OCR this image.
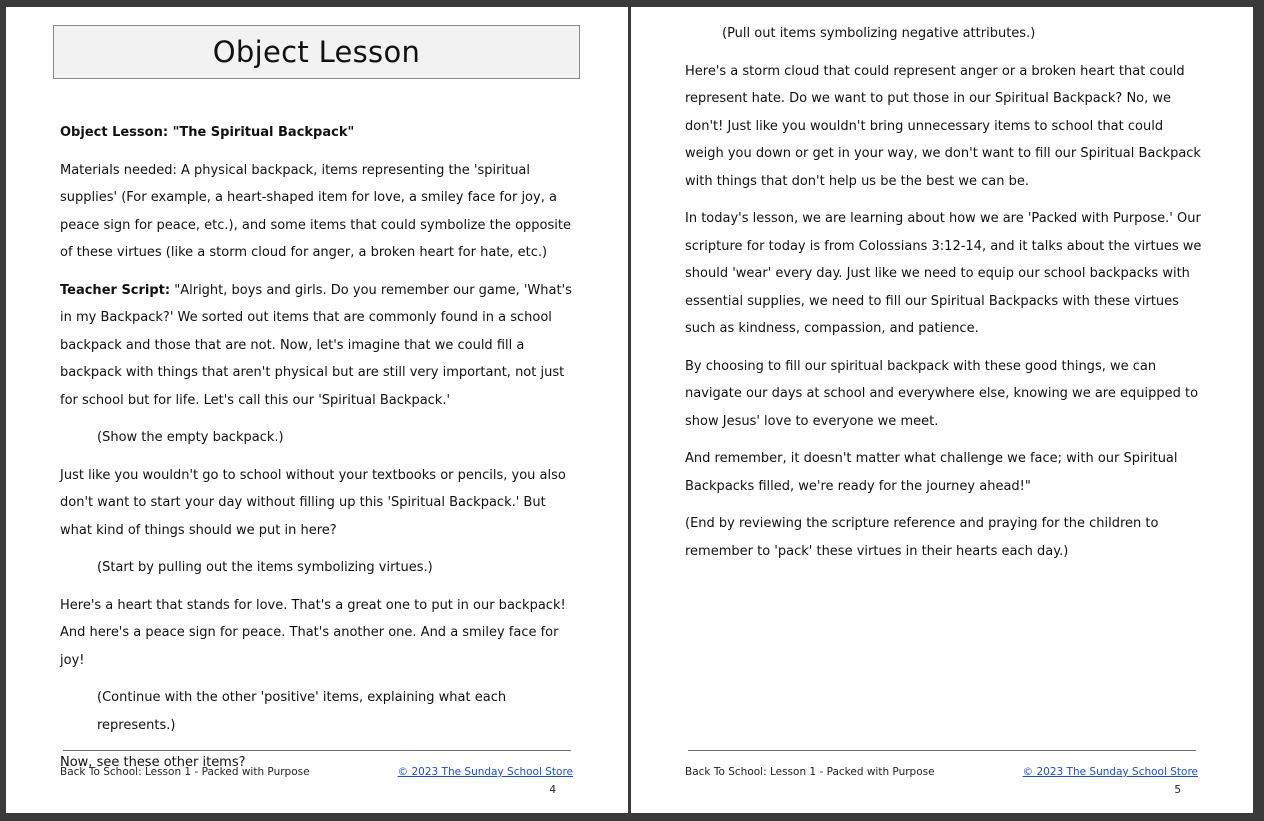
Object Lesson

Object Lesson: "The Spiritual Backpack"

Materials needed: A physical backpack, items representing the 'spiritual supplies' (For example, a heart-shaped item for love, a smiley face for joy, a peace sign for peace, etc.), and some items that could symbolize the opposite of these virtues (like a storm cloud for anger, a broken heart for hate, etc.)

Teacher Script: "Alright, boys and girls. Do you remember our game, 'What's in my Backpack?' We sorted out items that are commonly found in a school backpack and those that are not. Now, let's imagine that we could fill a backpack with things that aren't physical but are still very important, not just for school but for life. Let's call this our 'Spiritual Backpack.'

(Show the empty backpack.)

Just like you wouldn't go to school without your textbooks or pencils, you also don't want to start your day without filling up this 'Spiritual Backpack.' But what kind of things should we put in here?

(Start by pulling out the items symbolizing virtues.)

Here's a heart that stands for love. That's a great one to put in our backpack! And here's a peace sign for peace. That's another one. And a smiley face for joy!

(Continue with the other 'positive' items, explaining what each represents.)

Now, see these other items?

Back To School: Lesson 1 - Packed with Purpose	© 2023 The Sunday School Store
4

(Pull out items symbolizing negative attributes.)

Here's a storm cloud that could represent anger or a broken heart that could represent hate. Do we want to put those in our Spiritual Backpack? No, we don't! Just like you wouldn't bring unnecessary items to school that could weigh you down or get in your way, we don't want to fill our Spiritual Backpack with things that don't help us be the best we can be.

In today's lesson, we are learning about how we are 'Packed with Purpose.' Our scripture for today is from Colossians 3:12-14, and it talks about the virtues we should 'wear' every day. Just like we need to equip our school backpacks with essential supplies, we need to fill our Spiritual Backpacks with these virtues such as kindness, compassion, and patience.

By choosing to fill our spiritual backpack with these good things, we can navigate our days at school and everywhere else, knowing we are equipped to show Jesus' love to everyone we meet.

And remember, it doesn't matter what challenge we face; with our Spiritual Backpacks filled, we're ready for the journey ahead!"

(End by reviewing the scripture reference and praying for the children to remember to 'pack' these virtues in their hearts each day.)

Back To School: Lesson 1 - Packed with Purpose	© 2023 The Sunday School Store
5
